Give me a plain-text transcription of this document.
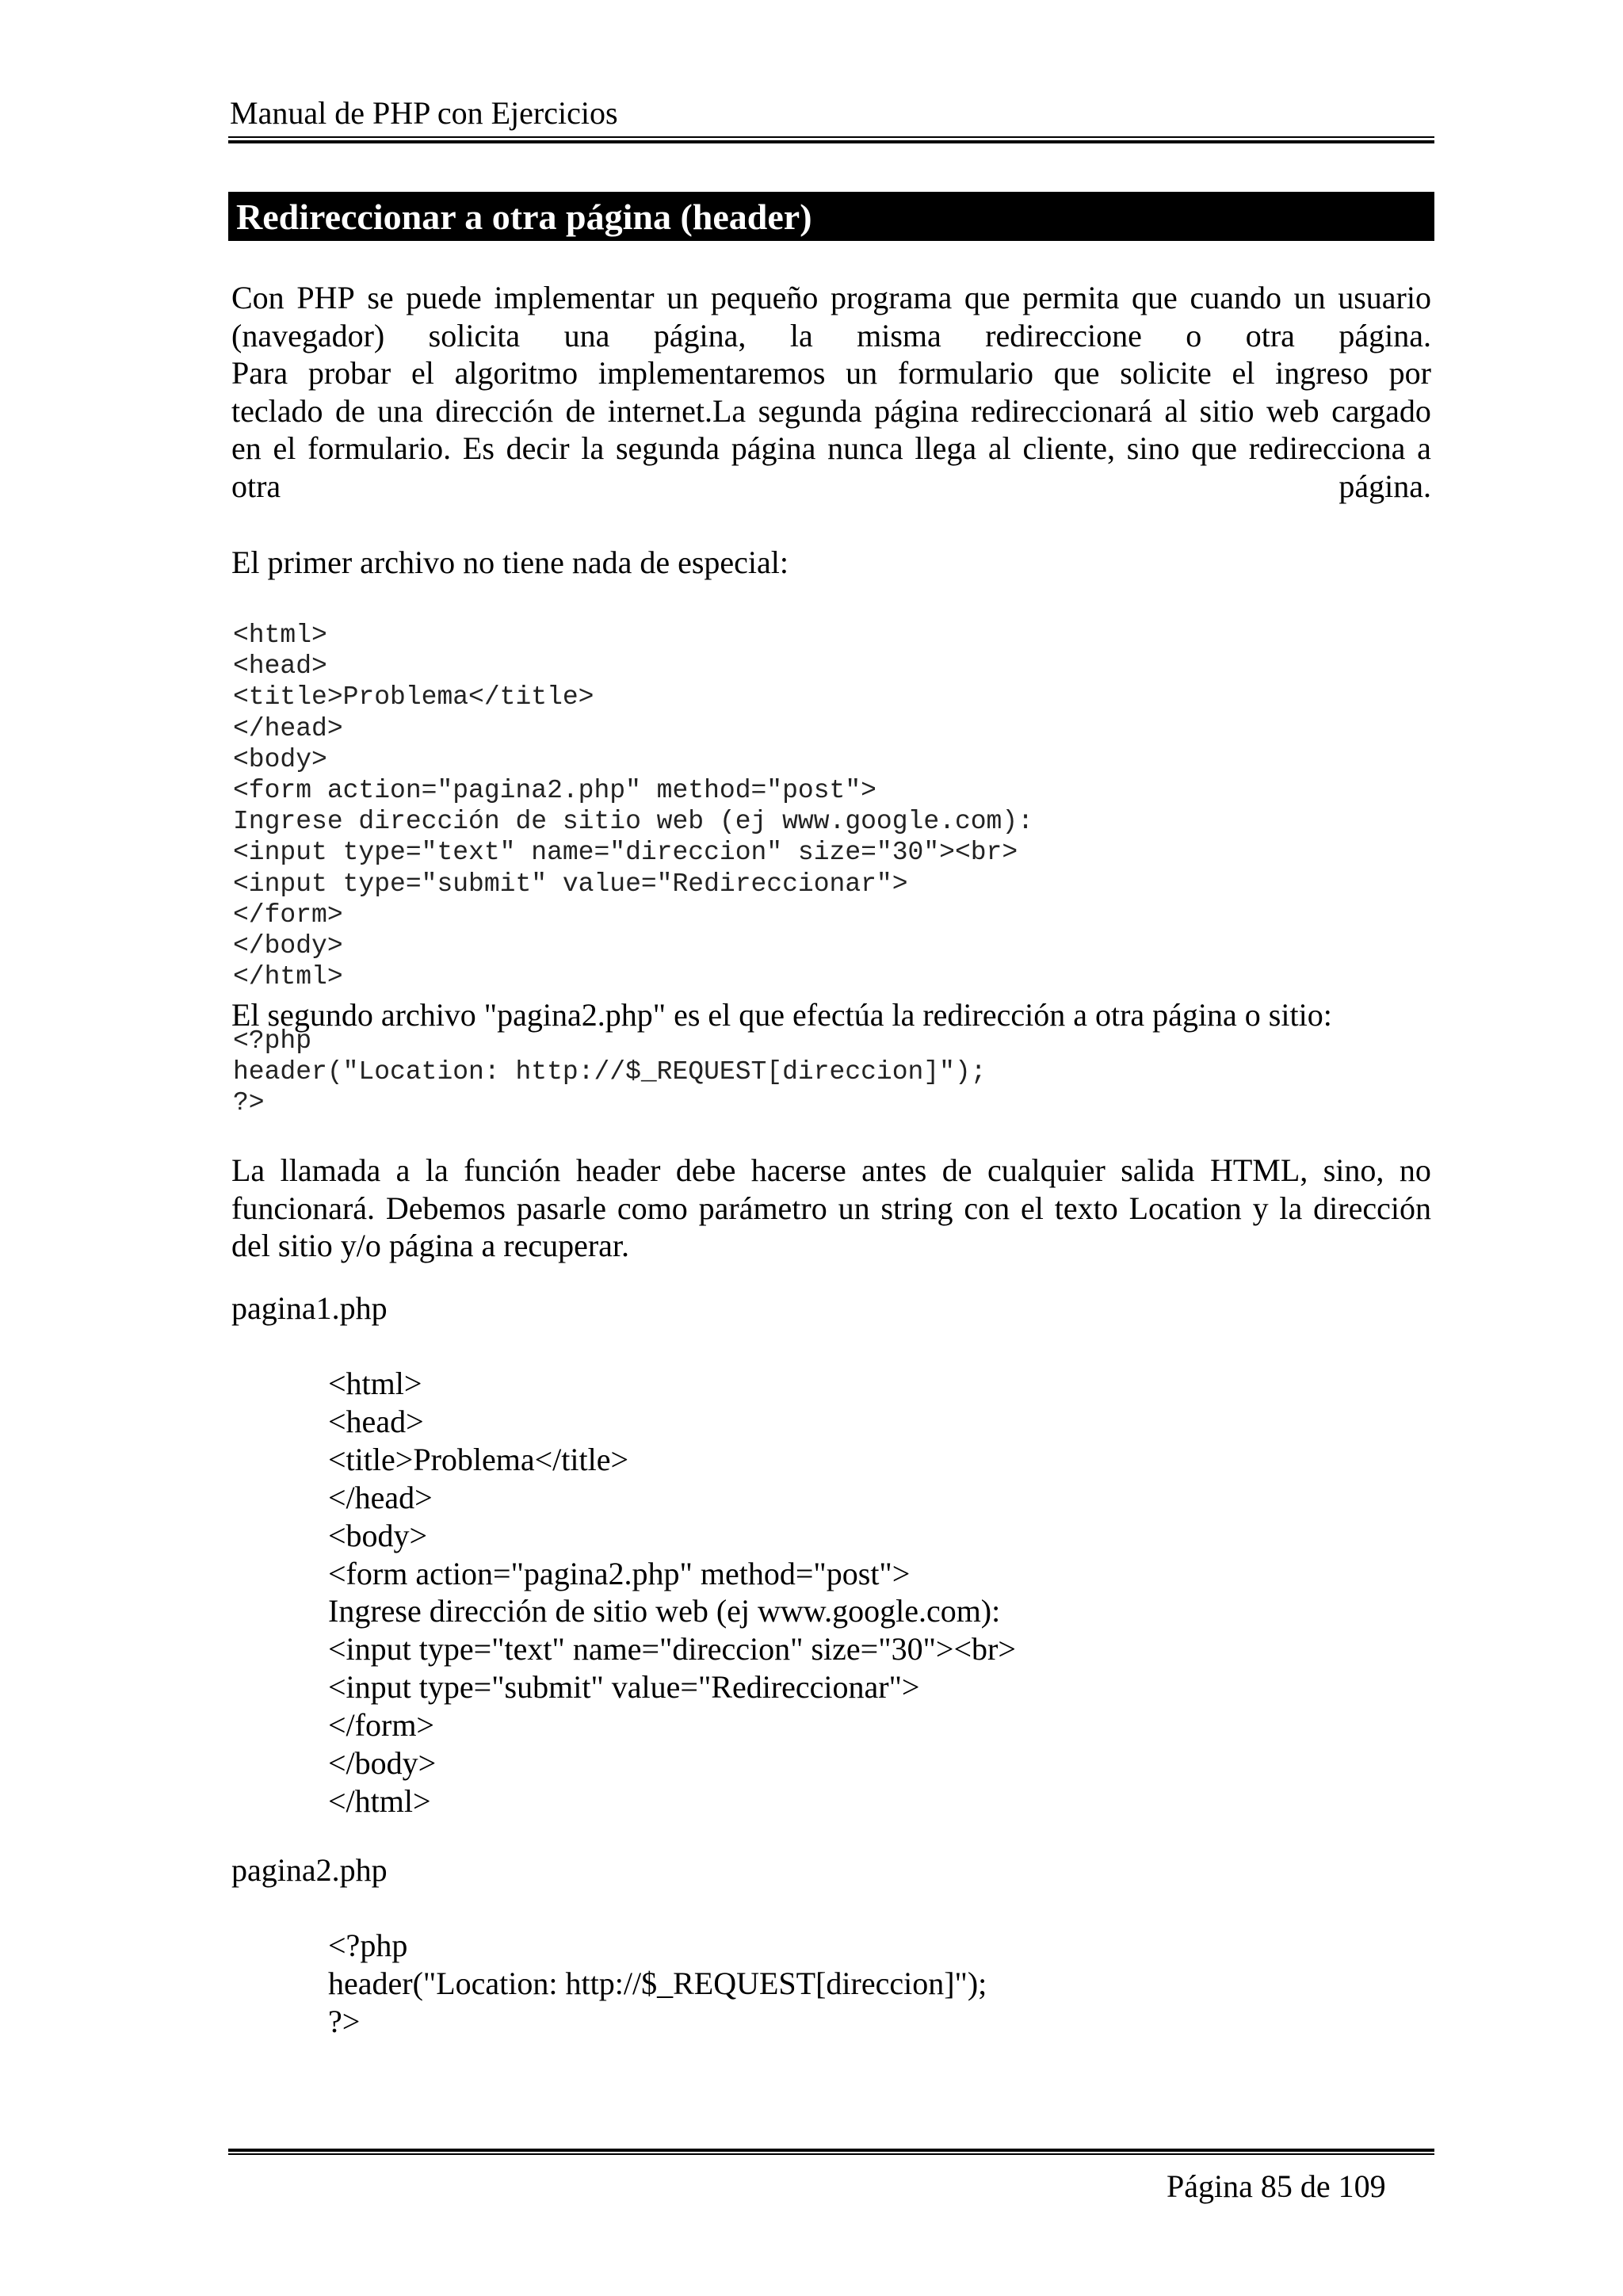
Manual de PHP con Ejercicios
Redireccionar a otra página (header)
Con PHP se puede implementar un pequeño programa que permita que cuando un usuario
(navegador) solicita una página, la misma redireccione o otra página.
Para probar el algoritmo implementaremos un formulario que solicite el ingreso por
teclado de una dirección de internet.La segunda página redireccionará al sitio web cargado
en el formulario. Es decir la segunda página nunca llega al cliente, sino que redirecciona a
otra	página.
El primer archivo no tiene nada de especial:
<html>
<head>
<title>Problema</title>
</head>
<body>
<form action="pagina2.php" method="post">
Ingrese dirección de sitio web (ej www.google.com):
<input type="text" name="direccion" size="30"><br>
<input type="submit" value="Redireccionar">
</form>
</body>
</html>
El segundo archivo "pagina2.php" es el que efectúa la redirección a otra página o sitio:
<?php
header("Location: http://$_REQUEST[direccion]");
?>
La llamada a la función header debe hacerse antes de cualquier salida HTML, sino, no
funcionará. Debemos pasarle como parámetro un string con el texto Location y la dirección
del sitio y/o página a recuperar.
pagina1.php
<html>
<head>
<title>Problema</title>
</head>
<body>
<form action="pagina2.php" method="post">
Ingrese dirección de sitio web (ej www.google.com):
<input type="text" name="direccion" size="30"><br>
<input type="submit" value="Redireccionar">
</form>
</body>
</html>
pagina2.php
<?php
header("Location: http://$_REQUEST[direccion]");
?>
Página 85 de 109
